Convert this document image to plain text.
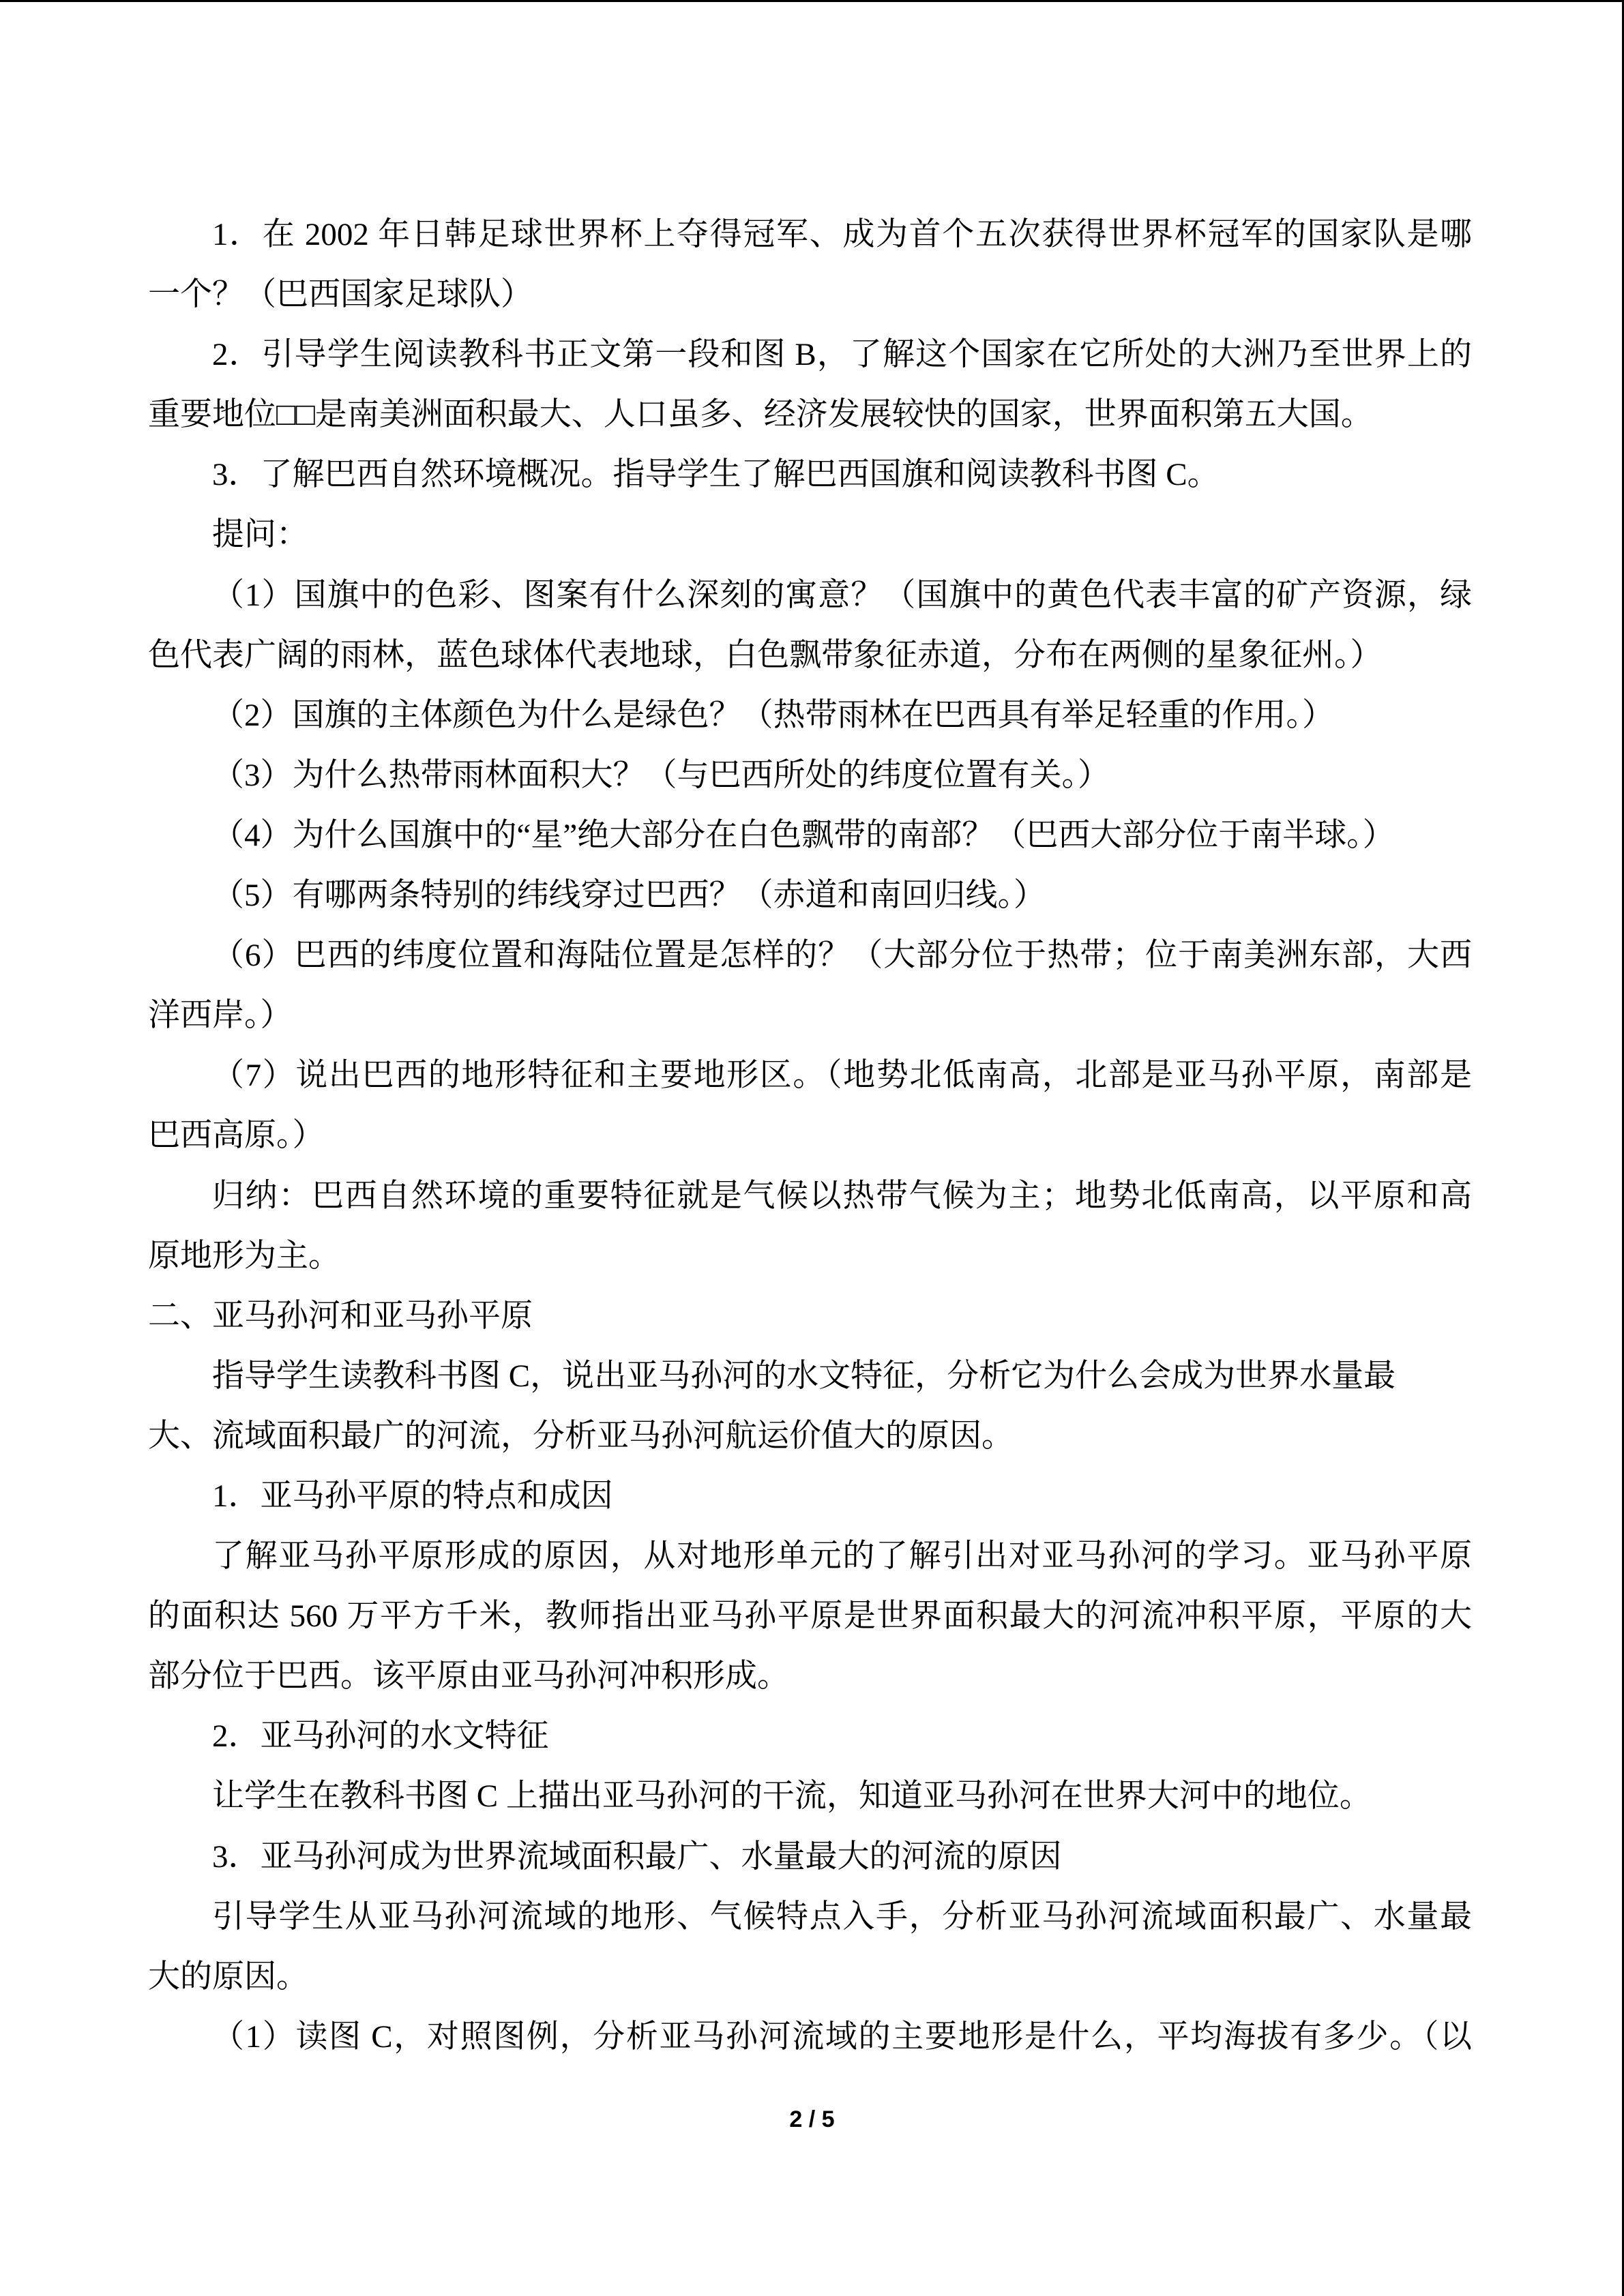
1．在 2002 年日韩足球世界杯上夺得冠军、成为首个五次获得世界杯冠军的国家队是哪
一个？（巴西国家足球队）
2．引导学生阅读教科书正文第一段和图 B，了解这个国家在它所处的大洲乃至世界上的
重要地位□□是南美洲面积最大、人口虽多、经济发展较快的国家，世界面积第五大国。
3．了解巴西自然环境概况。指导学生了解巴西国旗和阅读教科书图 C。
提问：
（1）国旗中的色彩、图案有什么深刻的寓意？（国旗中的黄色代表丰富的矿产资源，绿
色代表广阔的雨林，蓝色球体代表地球，白色飘带象征赤道，分布在两侧的星象征州。）
（2）国旗的主体颜色为什么是绿色？（热带雨林在巴西具有举足轻重的作用。）
（3）为什么热带雨林面积大？（与巴西所处的纬度位置有关。）
（4）为什么国旗中的“星”绝大部分在白色飘带的南部？（巴西大部分位于南半球。）
（5）有哪两条特别的纬线穿过巴西？（赤道和南回归线。）
（6）巴西的纬度位置和海陆位置是怎样的？（大部分位于热带；位于南美洲东部，大西
洋西岸。）
（7）说出巴西的地形特征和主要地形区。（地势北低南高，北部是亚马孙平原，南部是
巴西高原。）
归纳：巴西自然环境的重要特征就是气候以热带气候为主；地势北低南高，以平原和高
原地形为主。
二、亚马孙河和亚马孙平原
指导学生读教科书图 C，说出亚马孙河的水文特征，分析它为什么会成为世界水量最
大、流域面积最广的河流，分析亚马孙河航运价值大的原因。
1．亚马孙平原的特点和成因
了解亚马孙平原形成的原因，从对地形单元的了解引出对亚马孙河的学习。亚马孙平原
的面积达 560 万平方千米，教师指出亚马孙平原是世界面积最大的河流冲积平原，平原的大
部分位于巴西。该平原由亚马孙河冲积形成。
2．亚马孙河的水文特征
让学生在教科书图 C 上描出亚马孙河的干流，知道亚马孙河在世界大河中的地位。
3．亚马孙河成为世界流域面积最广、水量最大的河流的原因
引导学生从亚马孙河流域的地形、气候特点入手，分析亚马孙河流域面积最广、水量最
大的原因。
（1）读图 C，对照图例，分析亚马孙河流域的主要地形是什么，平均海拔有多少。（以
2 / 5
